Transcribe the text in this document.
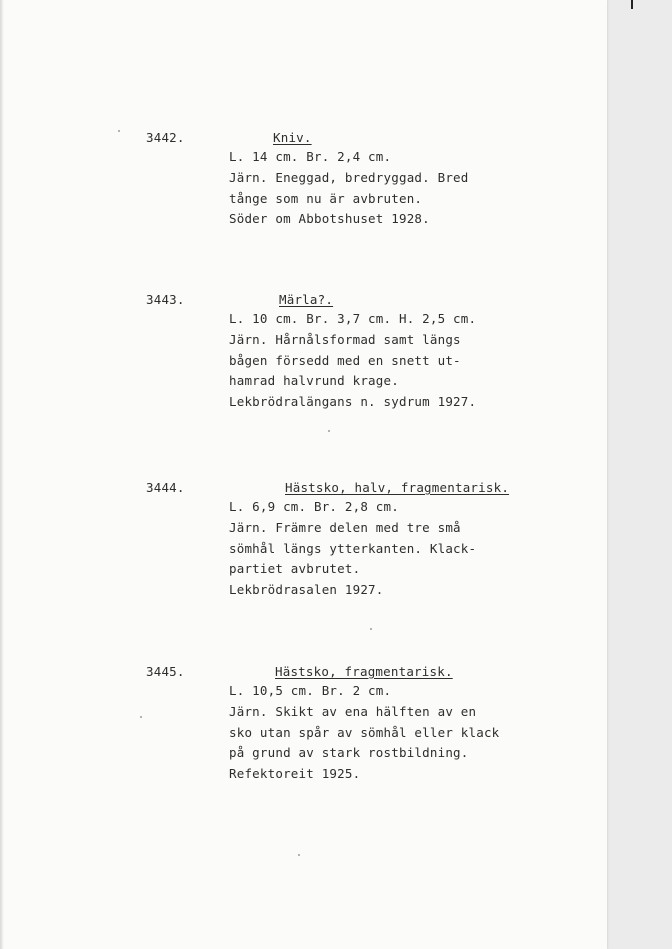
3442.	Kniv.
L. 14 cm. Br. 2,4 cm.
Järn. Eneggad, bredryggad. Bred
tånge som nu är avbruten.
Söder om Abbotshuset 1928.
3443.	Märla?.
L. 10 cm. Br. 3,7 cm. H. 2,5 cm.
Järn. Hårnålsformad samt längs
bågen försedd med en snett ut-
hamrad halvrund krage.
Lekbrödralängans n. sydrum 1927.
3444.	Hästsko, halv, fragmentarisk.
L. 6,9 cm. Br. 2,8 cm.
Järn. Främre delen med tre små
sömhål längs ytterkanten. Klack-
partiet avbrutet.
Lekbrödrasalen 1927.
3445.	Hästsko, fragmentarisk.
L. 10,5 cm. Br. 2 cm.
Järn. Skikt av ena hälften av en
sko utan spår av sömhål eller klack
på grund av stark rostbildning.
Refektoreit 1925.
